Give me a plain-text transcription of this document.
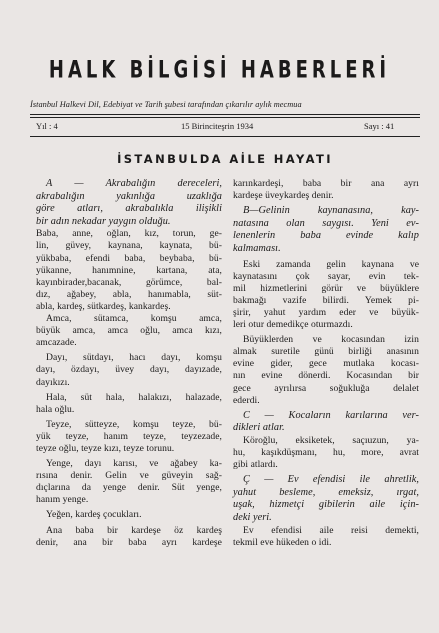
HALK BİLGİSİ HABERLERİ
İstanbul Halkevi Dil, Edebiyat ve Tarih şubesi tarafından çıkarılır aylık mecmua
Yıl : 4	15 Birinciteşrin 1934	Sayı : 41
İSTANBULDA AİLE HAYATI
A — Akrabalığın dereceleri,
akrabalığın yakınlığa uzaklığa
göre atları, akrabalıkla ilişikli
bir adın nekadar yaygın olduğu.
Baba, anne, oğlan, kız, torun, ge-
lin, güvey, kaynana, kaynata, bü-
yükbaba, efendi baba, beybaba, bü-
yükanne, hanımnine, kartana, ata,
kayınbirader,bacanak, görümce, bal-
dız, ağabey, abla, hanımabla, süt-
abla, kardeş, sütkardeş, kankardeş.
Amca, sütamca, komşu amca,
büyük amca, amca oğlu, amca kızı,
amcazade.
Dayı, sütdayı, hacı dayı, komşu
dayı, özdayı, üvey dayı, dayızade,
dayıkızı.
Hala, süt hala, halakızı, halazade,
hala oğlu.
Teyze, sütteyze, komşu teyze, bü-
yük teyze, hanım teyze, teyzezade,
teyze oğlu, teyze kızı, teyze torunu.
Yenge, dayı karısı, ve ağabey ka-
rısına denir. Gelin ve güveyin sağ-
dıçlarına da yenge denir. Süt yenge,
hanım yenge.
Yeğen, kardeş çocukları.
Ana baba bir kardeşe öz kardeş
denir, ana bir baba ayrı kardeşe
karınkardeşi, baba bir ana ayrı
kardeşe üveykardeş denir.
B—Gelinin kaynanasına, kay-
natasına olan saygısı. Yeni ev-
lenenlerin baba evinde kalıp
kalmaması.
Eski zamanda gelin kaynana ve
kaynatasını çok sayar, evin tek-
mil hizmetlerini görür ve büyüklere
bakmağı vazife bilirdi. Yemek pi-
şirir, yahut yardım eder ve büyük-
leri otur demedikçe oturmazdı.
Büyüklerden ve kocasından izin
almak suretile günü birliği anasının
evine gider, gece mutlaka kocası-
nın evine dönerdi. Kocasından bir
gece ayrılırsa soğukluğa delalet
ederdi.
C — Kocaların karılarına ver-
dikleri atlar.
Köroğlu, eksiketek, saçıuzun, ya-
hu, kaşıkdüşmanı, hu, more, avrat
gibi atlardı.
Ç — Ev efendisi ile ahretlik,
yahut besleme, emeksiz, ırgat,
uşak, hizmetçi gibilerin aile için-
deki yeri.
Ev efendisi aile reisi demekti,
tekmil eve hükeden o idi.
